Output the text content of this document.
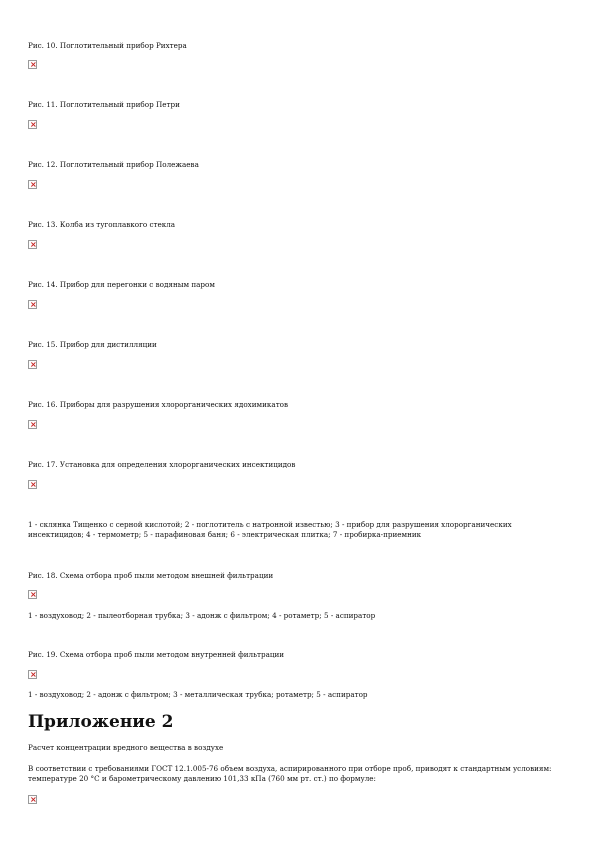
Рис. 10. Поглотительный прибор Рихтера
×
Рис. 11. Поглотительный прибор Петри
×
Рис. 12. Поглотительный прибор Полежаева
×
Рис. 13. Колба из тугоплавкого стекла
×
Рис. 14. Прибор для перегонки с водяным паром
×
Рис. 15. Прибор для дистилляции
×
Рис. 16. Приборы для разрушения хлорорганических ядохимикатов
×
Рис. 17. Установка для определения хлорорганических инсектицидов
×
1 - склянка Тищенко с серной кислотой; 2 - поглотитель с натронной известью; 3 - прибор для разрушения хлорорганических инсектицидов; 4 - термометр; 5 - парафиновая баня; 6 - электрическая плитка; 7 - пробирка-приемник
Рис. 18. Схема отбора проб пыли методом внешней фильтрации
×
1 - воздуховод; 2 - пылеотборная трубка; 3 - адонж с фильтром; 4 - ротаметр; 5 - аспиратор
Рис. 19. Схема отбора проб пыли методом внутренней фильтрации
×
1 - воздуховод; 2 - адонж с фильтром; 3 - металлическая трубка; ротаметр; 5 - аспиратор
Приложение 2
Расчет концентрации вредного вещества в воздухе
В соответствии с требованиями ГОСТ 12.1.005-76 объем воздуха, аспирированного при отборе проб, приводят к стандартным условиям: температуре 20 °С и барометрическому давлению 101,33 кПа (760 мм рт. ст.) по формуле:
×
